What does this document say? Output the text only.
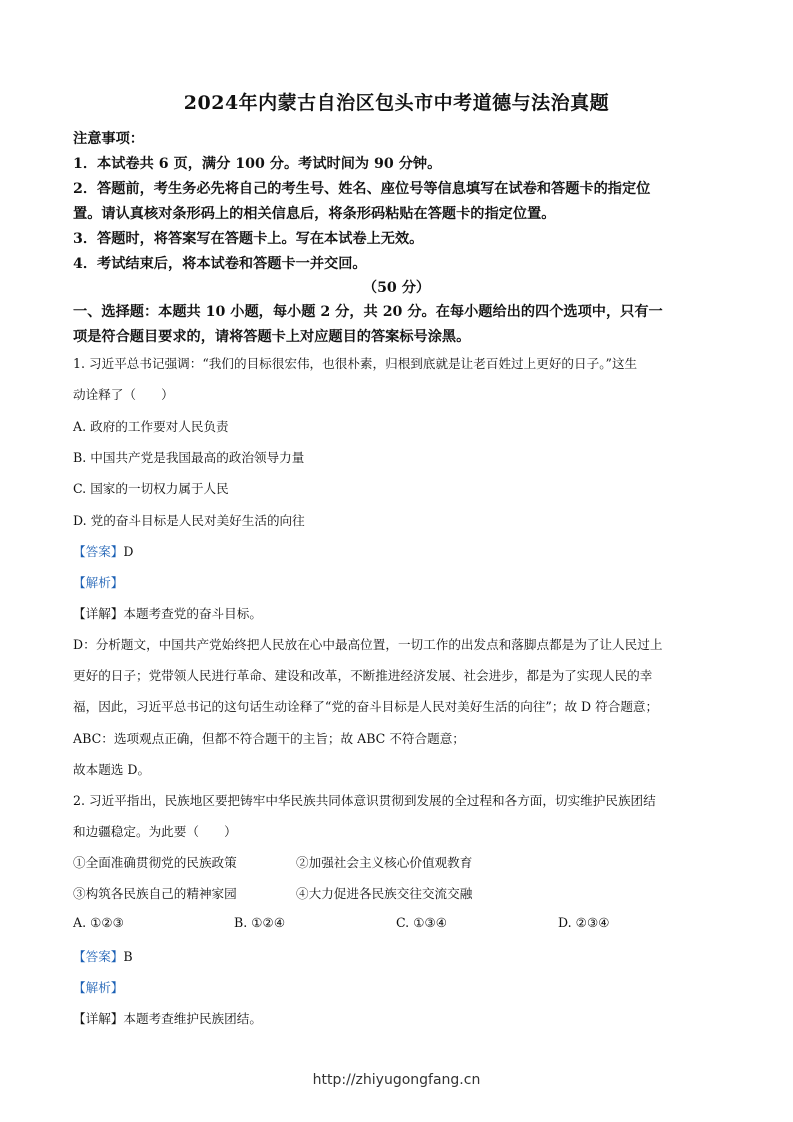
2024年内蒙古自治区包头市中考道德与法治真题
注意事项：
1．本试卷共 6 页，满分 100 分。考试时间为 90 分钟。
2．答题前，考生务必先将自己的考生号、姓名、座位号等信息填写在试卷和答题卡的指定位
置。请认真核对条形码上的相关信息后，将条形码粘贴在答题卡的指定位置。
3．答题时，将答案写在答题卡上。写在本试卷上无效。
4．考试结束后，将本试卷和答题卡一并交回。
（50 分）
一、选择题：本题共 10 小题，每小题 2 分，共 20 分。在每小题给出的四个选项中，只有一
项是符合题目要求的，请将答题卡上对应题目的答案标号涂黑。
1. 习近平总书记强调：“我们的目标很宏伟，也很朴素，归根到底就是让老百姓过上更好的日子。”这生
动诠释了（　　）
A. 政府的工作要对人民负责
B. 中国共产党是我国最高的政治领导力量
C. 国家的一切权力属于人民
D. 党的奋斗目标是人民对美好生活的向往
【答案】D
【解析】
【详解】本题考查党的奋斗目标。
D：分析题文，中国共产党始终把人民放在心中最高位置，一切工作的出发点和落脚点都是为了让人民过上
更好的日子；党带领人民进行革命、建设和改革，不断推进经济发展、社会进步，都是为了实现人民的幸
福，因此，习近平总书记的这句话生动诠释了“党的奋斗目标是人民对美好生活的向往”；故 D 符合题意；
ABC：选项观点正确，但都不符合题干的主旨；故 ABC 不符合题意；
故本题选 D。
2. 习近平指出，民族地区要把铸牢中华民族共同体意识贯彻到发展的全过程和各方面，切实维护民族团结
和边疆稳定。为此要（　　）
①全面准确贯彻党的民族政策	②加强社会主义核心价值观教育
③构筑各民族自己的精神家园	④大力促进各民族交往交流交融
A. ①②③	B. ①②④	C. ①③④	D. ②③④
【答案】B
【解析】
【详解】本题考查维护民族团结。
http://zhiyugongfang.cn
